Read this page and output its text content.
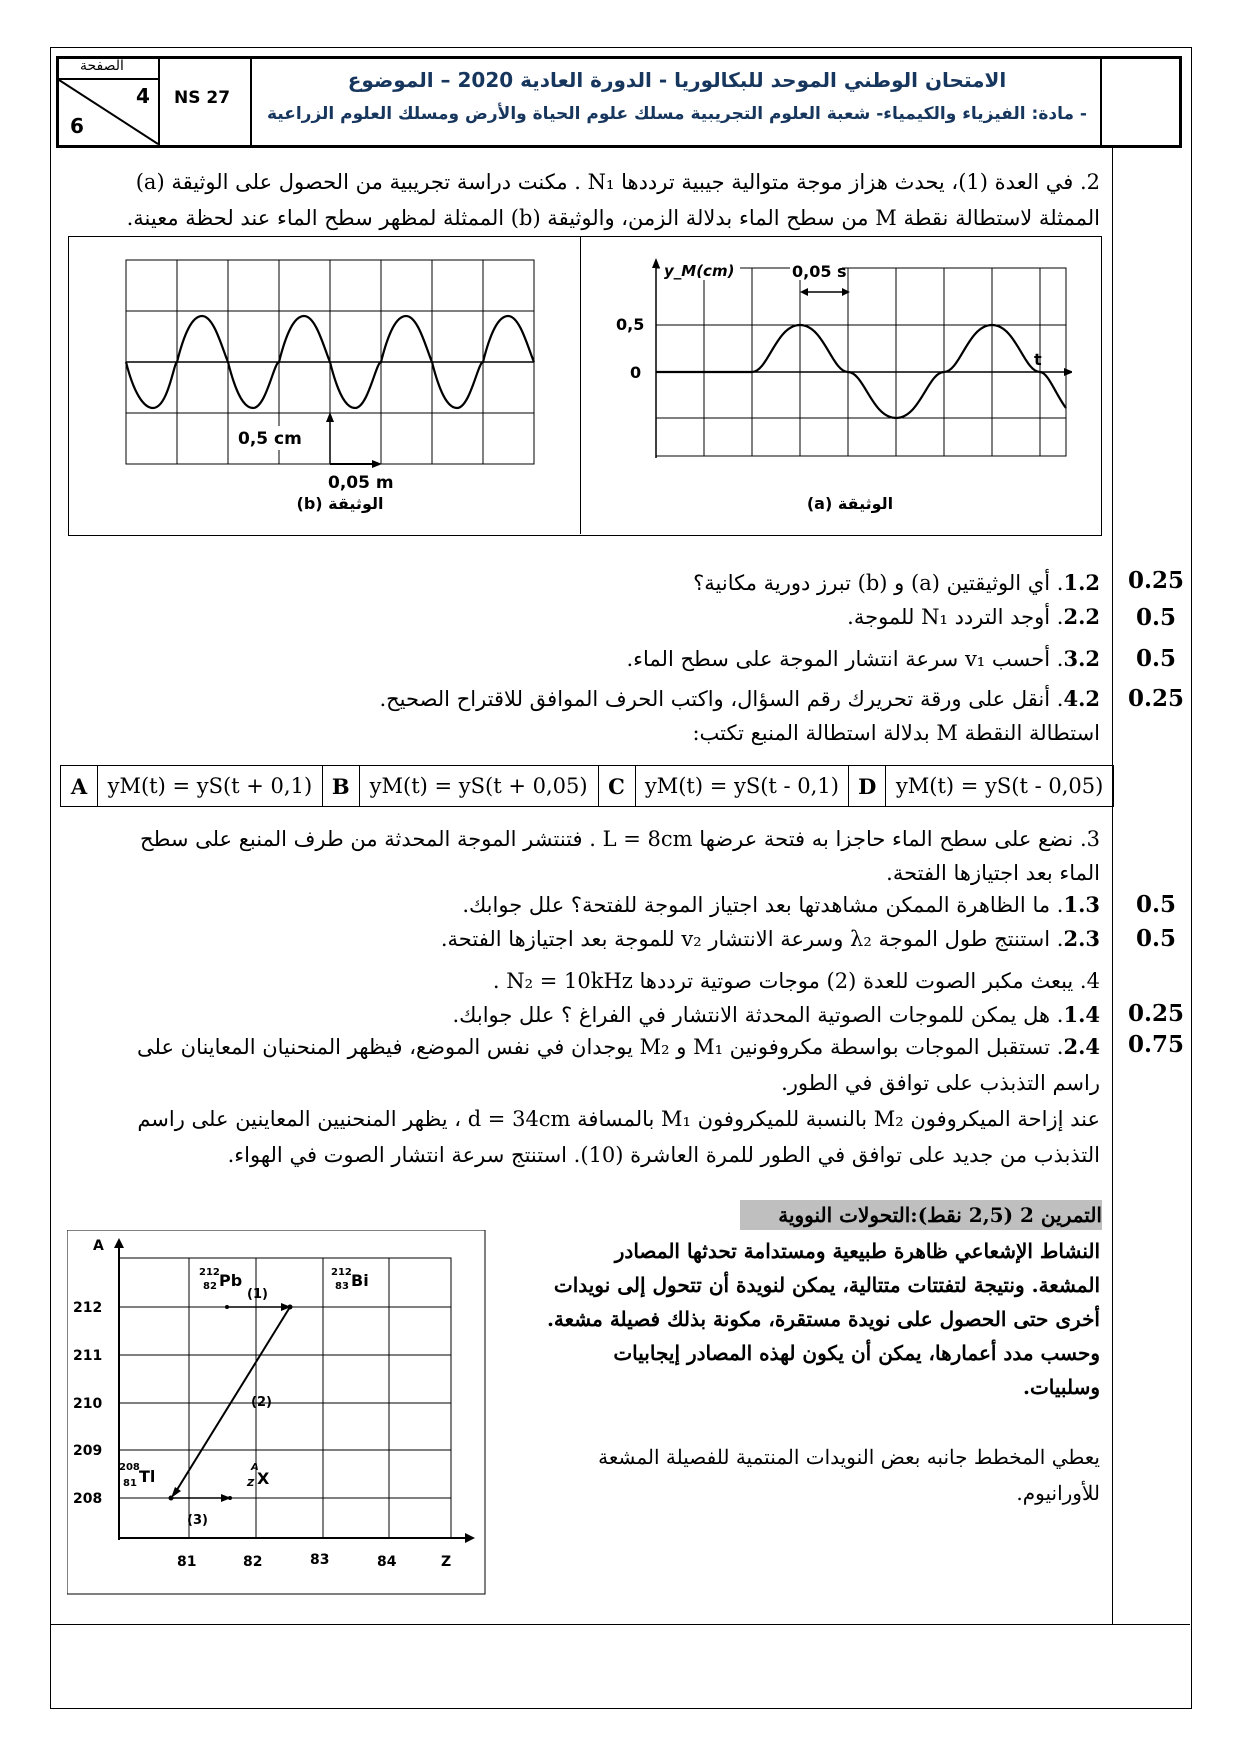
الصفحة
4
6
NS 27
الامتحان الوطني الموحد للبكالوريا - الدورة العادية 2020 – الموضوع
- مادة: الفيزياء والكيمياء- شعبة العلوم التجريبية مسلك علوم الحياة والأرض ومسلك العلوم الزراعية
2. في العدة (1)، يحدث هزاز موجة متوالية جيبية ترددها N₁ . مكنت دراسة تجريبية من الحصول على الوثيقة (a)
الممثلة لاستطالة نقطة M من سطح الماء بدلالة الزمن، والوثيقة (b) الممثلة لمظهر سطح الماء عند لحظة معينة.
y_M(cm)	0,05 s
0,5
0
t
الوثيقة (a)
0,5 cm
0,05 m
الوثيقة (b)
0.25
1.2. أي الوثيقتين (a) و (b) تبرز دورية مكانية؟
0.5
2.2. أوجد التردد N₁ للموجة.
0.5
3.2. أحسب v₁ سرعة انتشار الموجة على سطح الماء.
0.25
4.2. أنقل على ورقة تحريرك رقم السؤال، واكتب الحرف الموافق للاقتراح الصحيح.
استطالة النقطة M بدلالة استطالة المنبع تكتب:
A	yM(t) = yS(t + 0,1)	B	yM(t) = yS(t + 0,05)	C	yM(t) = yS(t - 0,1)	D	yM(t) = yS(t - 0,05)
3. نضع على سطح الماء حاجزا به فتحة عرضها L = 8cm . فتنتشر الموجة المحدثة من طرف المنبع على سطح
الماء بعد اجتيازها الفتحة.
0.5
1.3. ما الظاهرة الممكن مشاهدتها بعد اجتياز الموجة للفتحة؟ علل جوابك.
0.5
2.3. استنتج طول الموجة λ₂ وسرعة الانتشار v₂ للموجة بعد اجتيازها الفتحة.
4. يبعث مكبر الصوت للعدة (2) موجات صوتية ترددها N₂ = 10kHz .
0.25
1.4. هل يمكن للموجات الصوتية المحدثة الانتشار في الفراغ ؟ علل جوابك.
0.75
2.4. تستقبل الموجات بواسطة مكروفونين M₁ و M₂ يوجدان في نفس الموضع، فيظهر المنحنيان المعاينان على
راسم التذبذب على توافق في الطور.
عند إزاحة الميكروفون M₂ بالنسبة للميكروفون M₁ بالمسافة d = 34cm ، يظهر المنحنيين المعاينين على راسم
التذبذب من جديد على توافق في الطور للمرة العاشرة (10). استنتج سرعة انتشار الصوت في الهواء.
التمرين 2 (2,5 نقط):التحولات النووية
النشاط الإشعاعي ظاهرة طبيعية ومستدامة تحدثها المصادر
المشعة. ونتيجة لتفتتات متتالية، يمكن لنويدة أن تتحول إلى نويدات
أخرى حتى الحصول على نويدة مستقرة، مكونة بذلك فصيلة مشعة.
وحسب مدد أعمارها، يمكن أن يكون لهذه المصادر إيجابيات
وسلبيات.
يعطي المخطط جانبه بعض النويدات المنتمية للفصيلة المشعة
للأورانيوم.
A
Z
212
211
210
209
208
81	82	83	84
212
82 Pb	212
83 Bi
208
81 Tl	A
Z X
(1)
(2)
(3)
